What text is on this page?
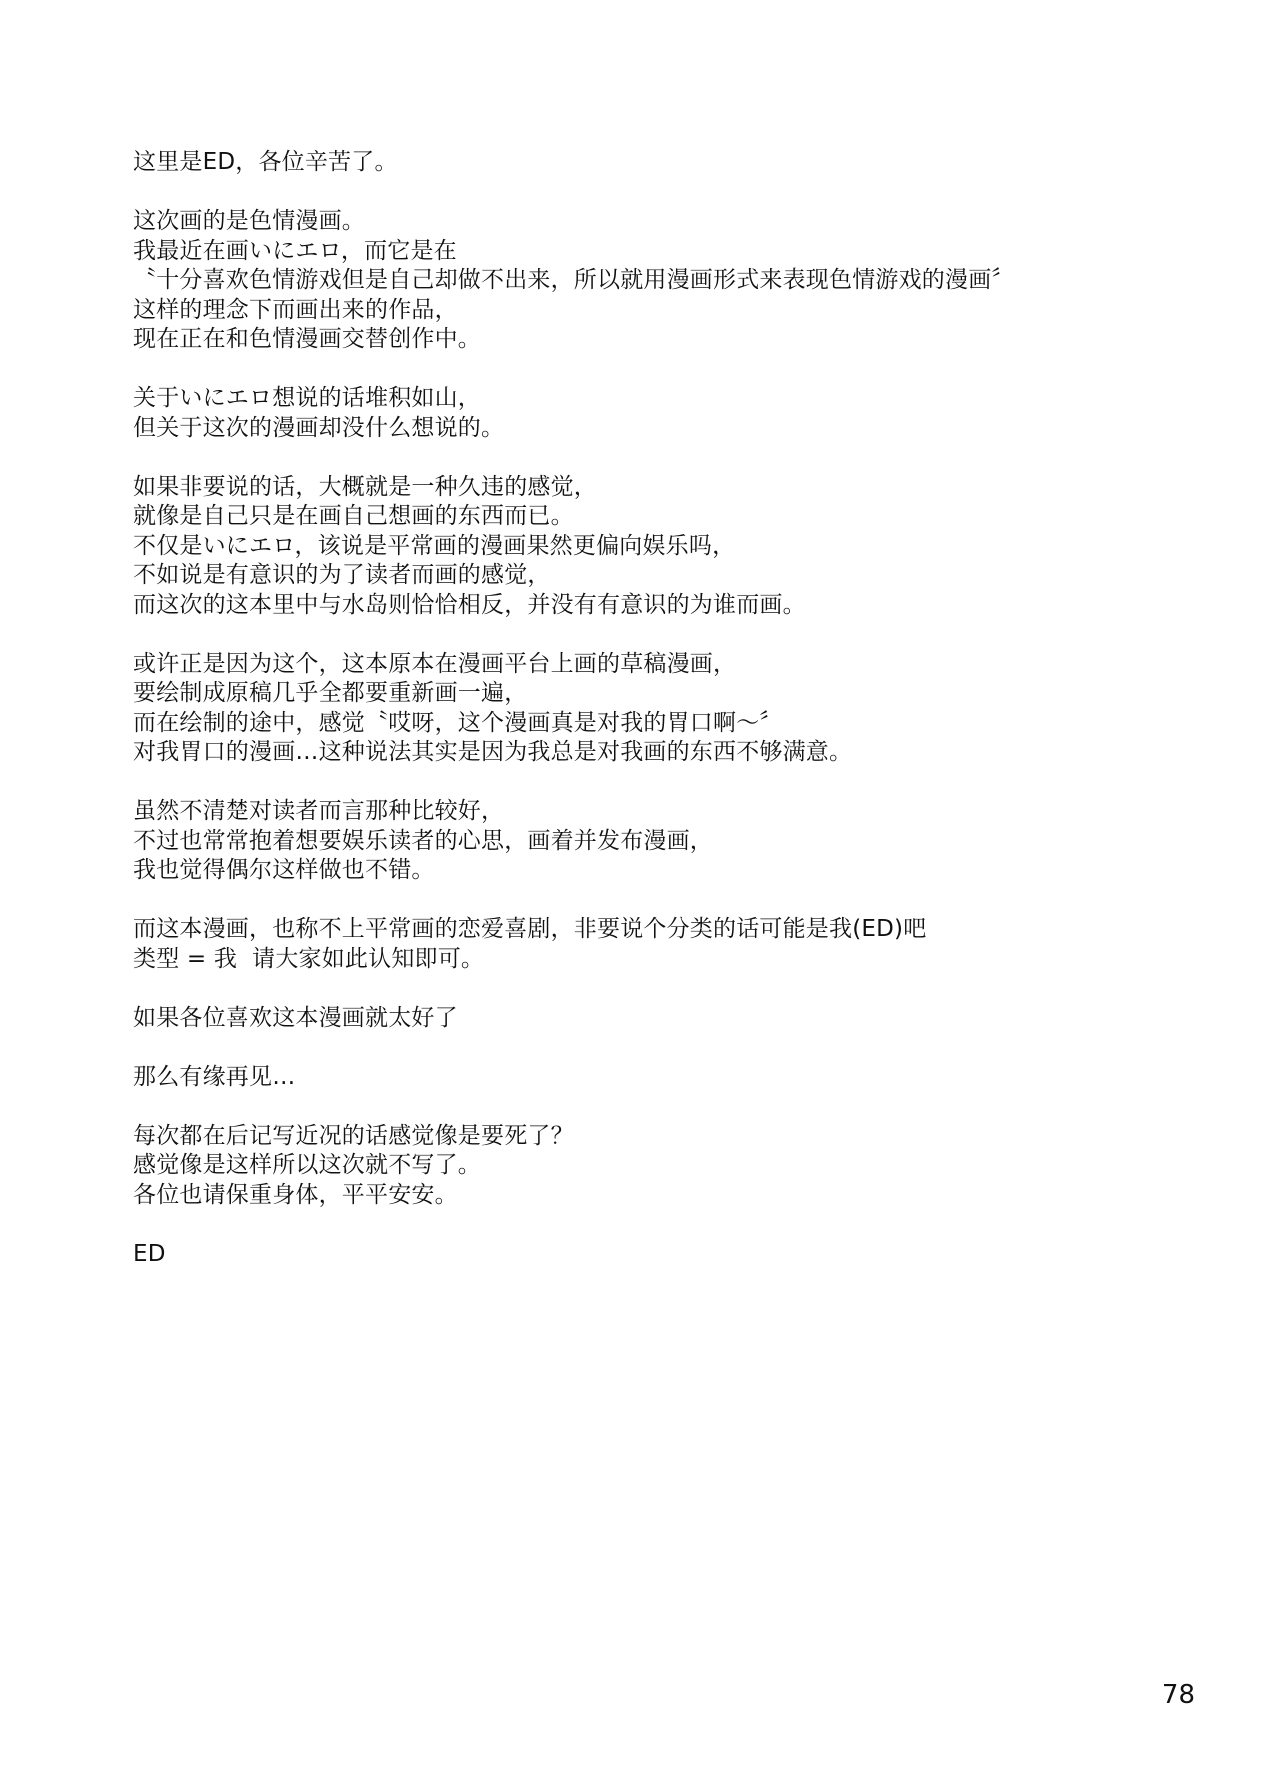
这里是ED，各位辛苦了。
这次画的是色情漫画。
我最近在画いにエロ，而它是在
〝十分喜欢色情游戏但是自己却做不出来，所以就用漫画形式来表现色情游戏的漫画〞
这样的理念下而画出来的作品，
现在正在和色情漫画交替创作中。
关于いにエロ想说的话堆积如山，
但关于这次的漫画却没什么想说的。
如果非要说的话，大概就是一种久违的感觉，
就像是自己只是在画自己想画的东西而已。
不仅是いにエロ，该说是平常画的漫画果然更偏向娱乐吗，
不如说是有意识的为了读者而画的感觉，
而这次的这本里中与水岛则恰恰相反，并没有有意识的为谁而画。
或许正是因为这个，这本原本在漫画平台上画的草稿漫画，
要绘制成原稿几乎全都要重新画一遍，
而在绘制的途中，感觉〝哎呀，这个漫画真是对我的胃口啊〜〞
对我胃口的漫画…这种说法其实是因为我总是对我画的东西不够满意。
虽然不清楚对读者而言那种比较好，
不过也常常抱着想要娱乐读者的心思，画着并发布漫画，
我也觉得偶尔这样做也不错。
而这本漫画，也称不上平常画的恋爱喜剧，非要说个分类的话可能是我(ED)吧
类型 = 我  请大家如此认知即可。
如果各位喜欢这本漫画就太好了
那么有缘再见…
每次都在后记写近况的话感觉像是要死了？
感觉像是这样所以这次就不写了。
各位也请保重身体，平平安安。
ED
78
